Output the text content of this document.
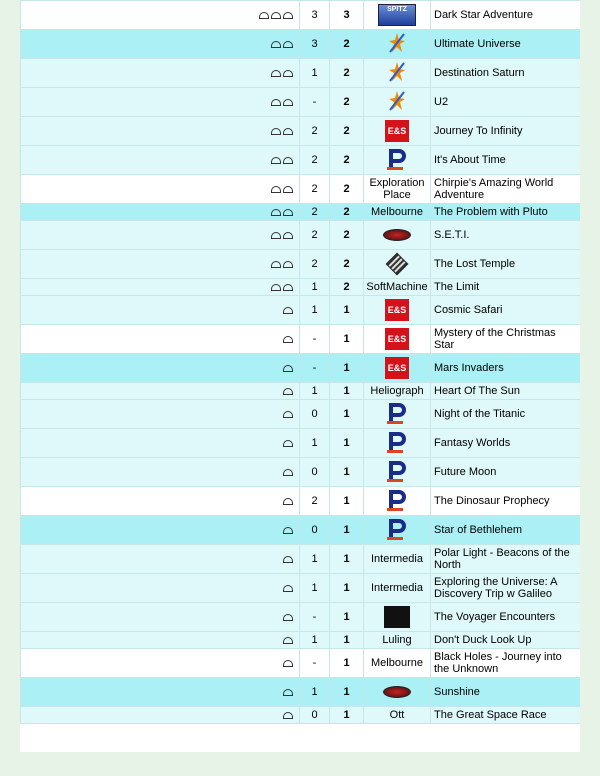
	3	3	SPITZ	Dark Star Adventure
	3	2		Ultimate Universe
	1	2		Destination Saturn
	-	2		U2
	2	2	E&S	Journey To Infinity
	2	2		It's About Time
	2	2	Exploration Place	Chirpie's Amazing World Adventure
	2	2	Melbourne	The Problem with Pluto
	2	2		S.E.T.I.
	2	2		The Lost Temple
	1	2	SoftMachine	The Limit
	1	1	E&S	Cosmic Safari
	-	1	E&S	Mystery of the Christmas Star
	-	1	E&S	Mars Invaders
	1	1	Heliograph	Heart Of The Sun
	0	1		Night of the Titanic
	1	1		Fantasy Worlds
	0	1		Future Moon
	2	1		The Dinosaur Prophecy
	0	1		Star of Bethlehem
	1	1	Intermedia	Polar Light - Beacons of the North
	1	1	Intermedia	Exploring the Universe: A Discovery Trip w Galileo
	-	1		The Voyager Encounters
	1	1	Luling	Don't Duck Look Up
	-	1	Melbourne	Black Holes - Journey into the Unknown
	1	1		Sunshine
	0	1	Ott	The Great Space Race
